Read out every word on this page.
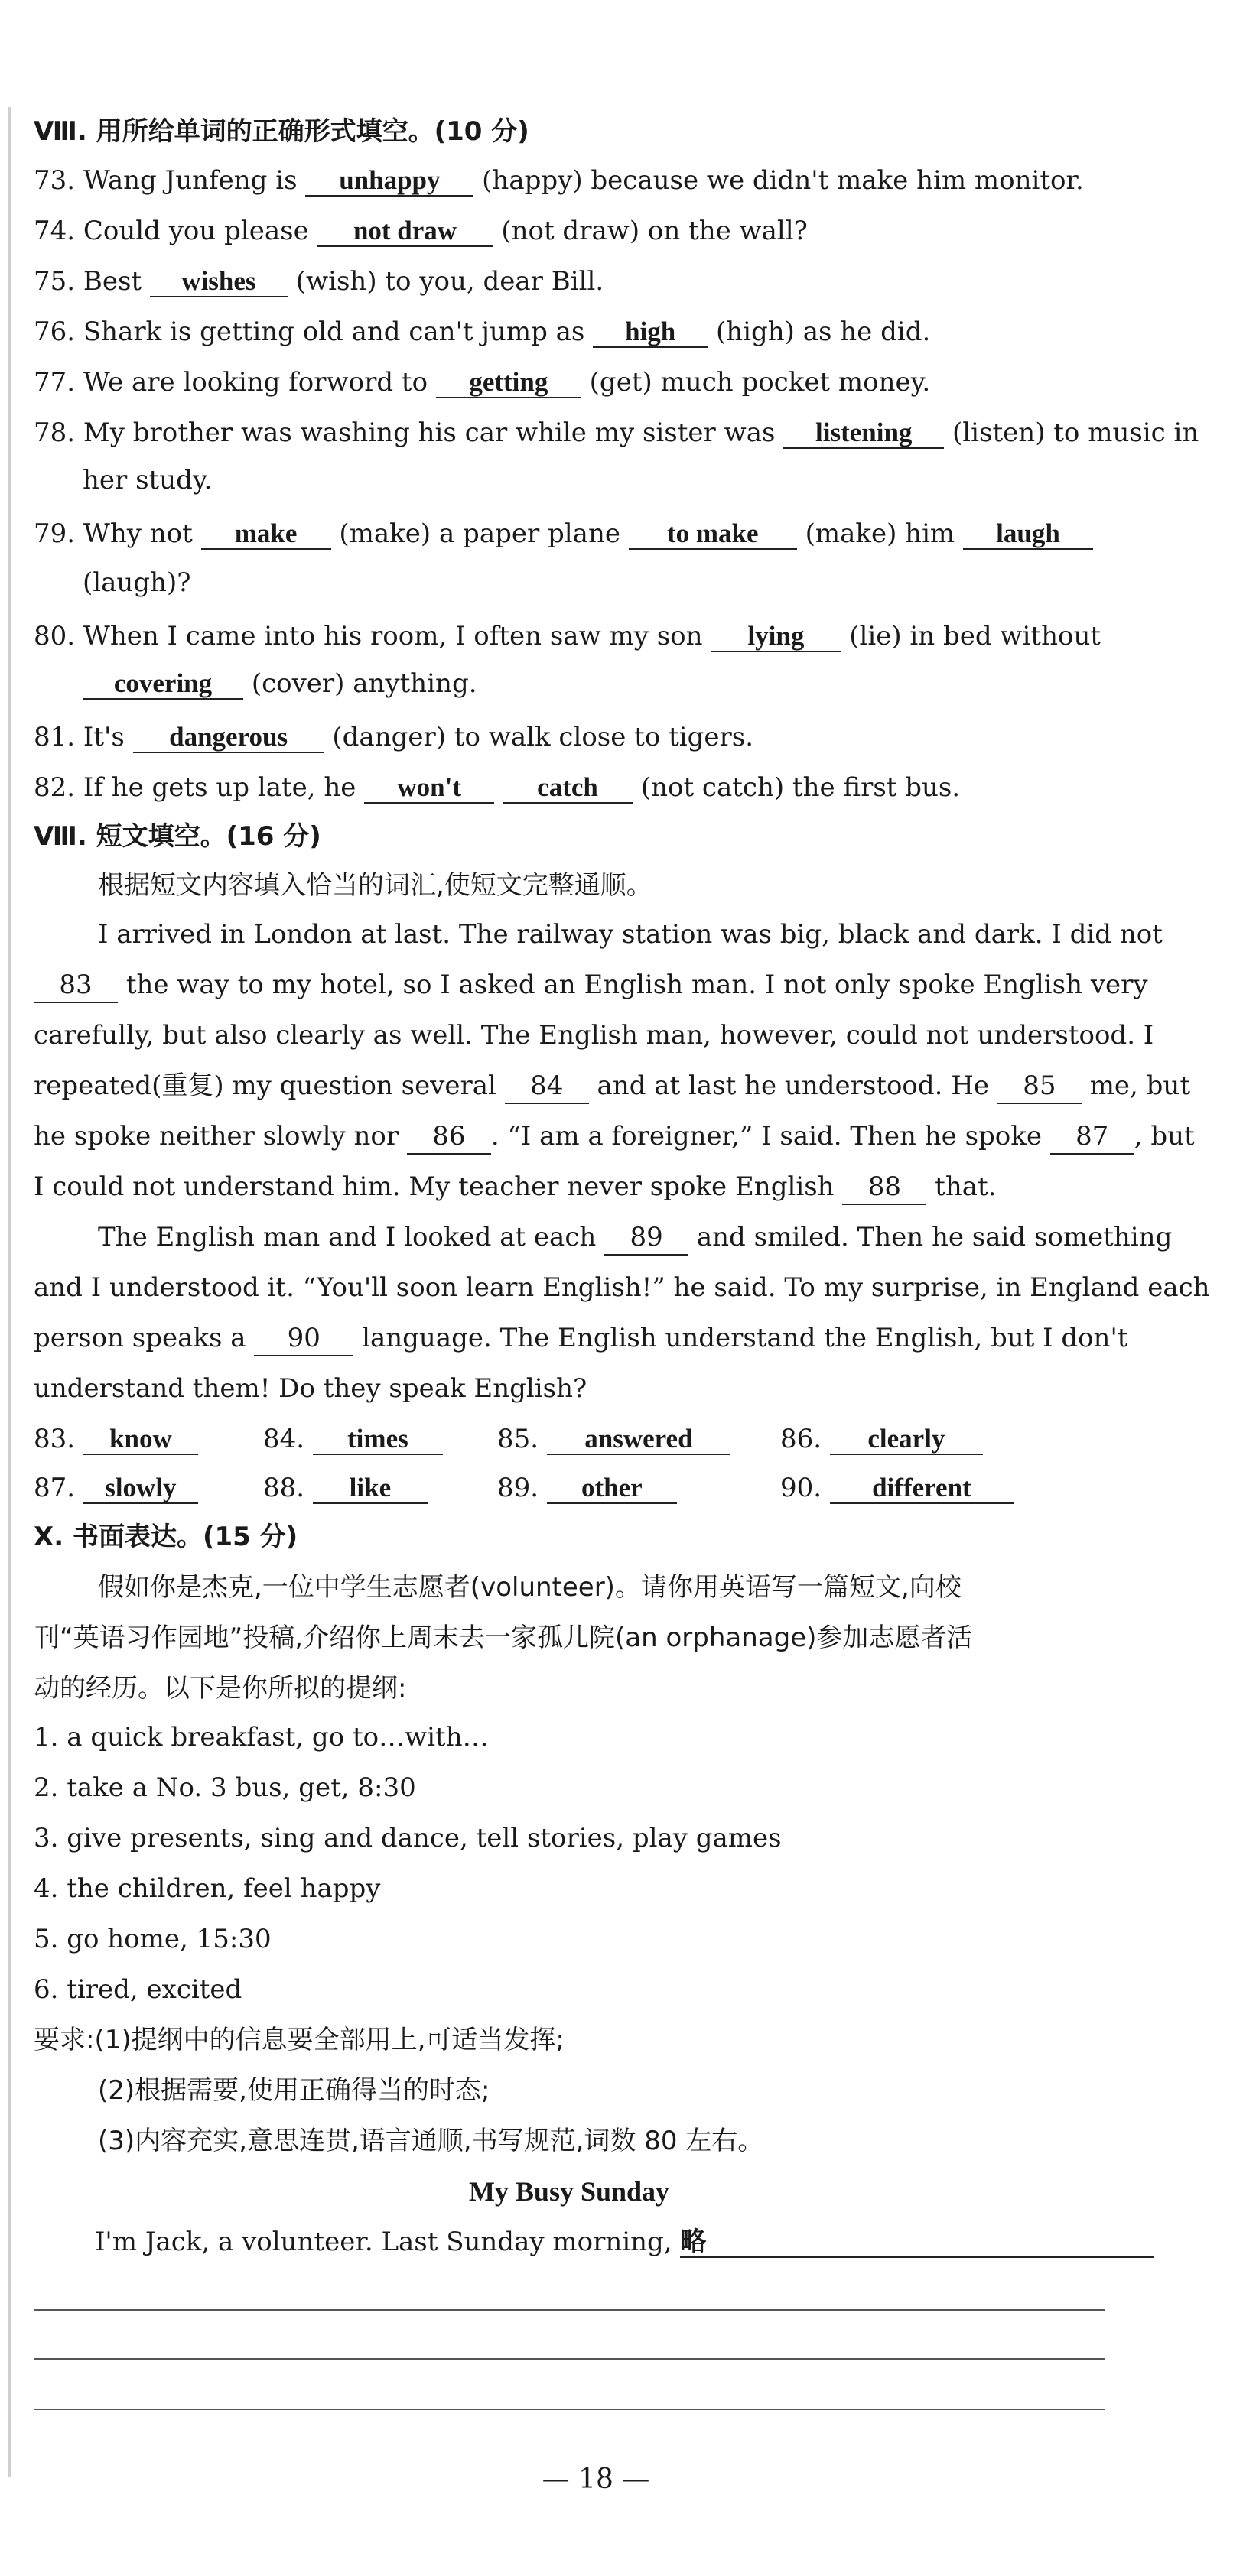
Ⅷ. 用所给单词的正确形式填空。(10 分)
73. Wang Junfeng is unhappy (happy) because we didn't make him monitor.
74. Could you please not draw (not draw) on the wall?
75. Best wishes (wish) to you, dear Bill.
76. Shark is getting old and can't jump as high (high) as he did.
77. We are looking forword to getting (get) much pocket money.
78. My brother was washing his car while my sister was listening (listen) to music in
her study.
79. Why not make (make) a paper plane to make (make) him laugh
(laugh)?
80. When I came into his room, I often saw my son lying (lie) in bed without
covering (cover) anything.
81. It's dangerous (danger) to walk close to tigers.
82. If he gets up late, he won't	catch (not catch) the first bus.
Ⅷ. 短文填空。(16 分)
根据短文内容填入恰当的词汇,使短文完整通顺。
I arrived in London at last. The railway station was big, black and dark. I did not
83 the way to my hotel, so I asked an English man. I not only spoke English very
carefully, but also clearly as well. The English man, however, could not understood. I
repeated(重复) my question several 84 and at last he understood. He 85 me, but
he spoke neither slowly nor 86 . “I am a foreigner,” I said. Then he spoke 87 , but
I could not understand him. My teacher never spoke English 88 that.
The English man and I looked at each 89 and smiled. Then he said something
and I understood it. “You'll soon learn English!” he said. To my surprise, in England each
person speaks a 90 language. The English understand the English, but I don't
understand them! Do they speak English?
83. know	84. times	85. answered	86. clearly
87. slowly	88. like	89. other	90. different
Ⅹ. 书面表达。(15 分)
假如你是杰克,一位中学生志愿者(volunteer)。请你用英语写一篇短文,向校
刊“英语习作园地”投稿,介绍你上周末去一家孤儿院(an orphanage)参加志愿者活
动的经历。以下是你所拟的提纲:
1. a quick breakfast, go to…with…
2. take a No. 3 bus, get, 8:30
3. give presents, sing and dance, tell stories, play games
4. the children, feel happy
5. go home, 15:30
6. tired, excited
要求:(1)提纲中的信息要全部用上,可适当发挥;
(2)根据需要,使用正确得当的时态;
(3)内容充实,意思连贯,语言通顺,书写规范,词数 80 左右。
My Busy Sunday
I'm Jack, a volunteer. Last Sunday morning, 略
— 18 —
